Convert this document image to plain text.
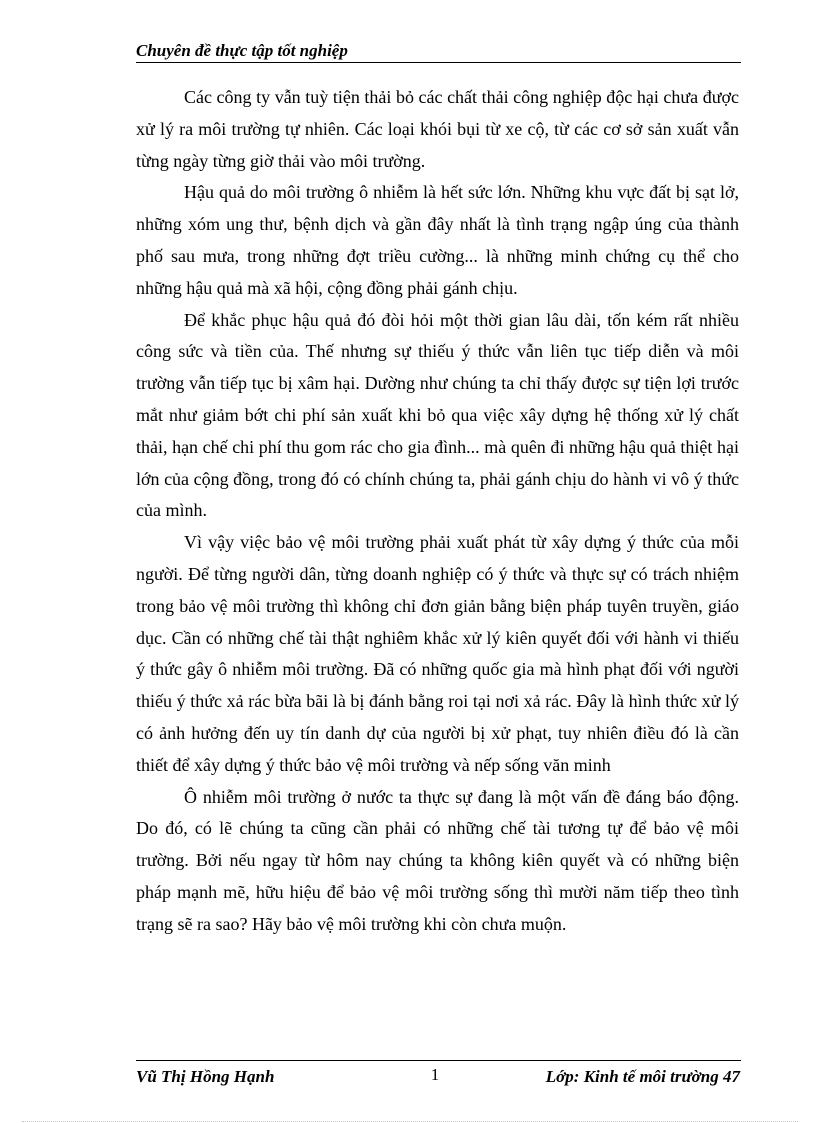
Chuyên đề thực tập tốt nghiệp

Các công ty vẫn tuỳ tiện thải bỏ các chất thải công nghiệp độc hại chưa được xử lý ra môi trường tự nhiên. Các loại khói bụi từ xe cộ, từ các cơ sở sản xuất vẫn từng ngày từng giờ thải vào môi trường.

Hậu quả do môi trường ô nhiễm là hết sức lớn. Những khu vực đất bị sạt lở, những xóm ung thư, bệnh dịch và gần đây nhất là tình trạng ngập úng của thành phố sau mưa, trong những đợt triều cường... là những minh chứng cụ thể cho những hậu quả mà xã hội, cộng đồng phải gánh chịu.

Để khắc phục hậu quả đó đòi hỏi một thời gian lâu dài, tốn kém rất nhiều công sức và tiền của. Thế nhưng sự thiếu ý thức vẫn liên tục tiếp diễn và môi trường vẫn tiếp tục bị xâm hại. Dường như chúng ta chỉ thấy được sự tiện lợi trước mắt như giảm bớt chi phí sản xuất khi bỏ qua việc xây dựng hệ thống xử lý chất thải, hạn chế chi phí thu gom rác cho gia đình... mà quên đi những hậu quả thiệt hại lớn của cộng đồng, trong đó có chính chúng ta, phải gánh chịu do hành vi vô ý thức của mình.

Vì vậy việc bảo vệ môi trường phải xuất phát từ xây dựng ý thức của mỗi người. Để từng người dân, từng doanh nghiệp có ý thức và thực sự có trách nhiệm trong bảo vệ môi trường thì không chỉ đơn giản bằng biện pháp tuyên truyền, giáo dục. Cần có những chế tài thật nghiêm khắc xử lý kiên quyết đối với hành vi thiếu ý thức gây ô nhiễm môi trường. Đã có những quốc gia mà hình phạt đối với người thiếu ý thức xả rác bừa bãi là bị đánh bằng roi tại nơi xả rác. Đây là hình thức xử lý có ảnh hưởng đến uy tín danh dự của người bị xử phạt, tuy nhiên điều đó là cần thiết để xây dựng ý thức bảo vệ môi trường và nếp sống văn minh

Ô nhiễm môi trường ở nước ta thực sự đang là một vấn đề đáng báo động. Do đó, có lẽ chúng ta cũng cần phải có những chế tài tương tự để bảo vệ môi trường. Bởi nếu ngay từ hôm nay chúng ta không kiên quyết và có những biện pháp mạnh mẽ, hữu hiệu để bảo vệ môi trường sống thì mười năm tiếp theo tình trạng sẽ ra sao? Hãy bảo vệ môi trường khi còn chưa muộn.

Vũ Thị Hồng Hạnh	1	Lớp: Kinh tế môi trường 47
